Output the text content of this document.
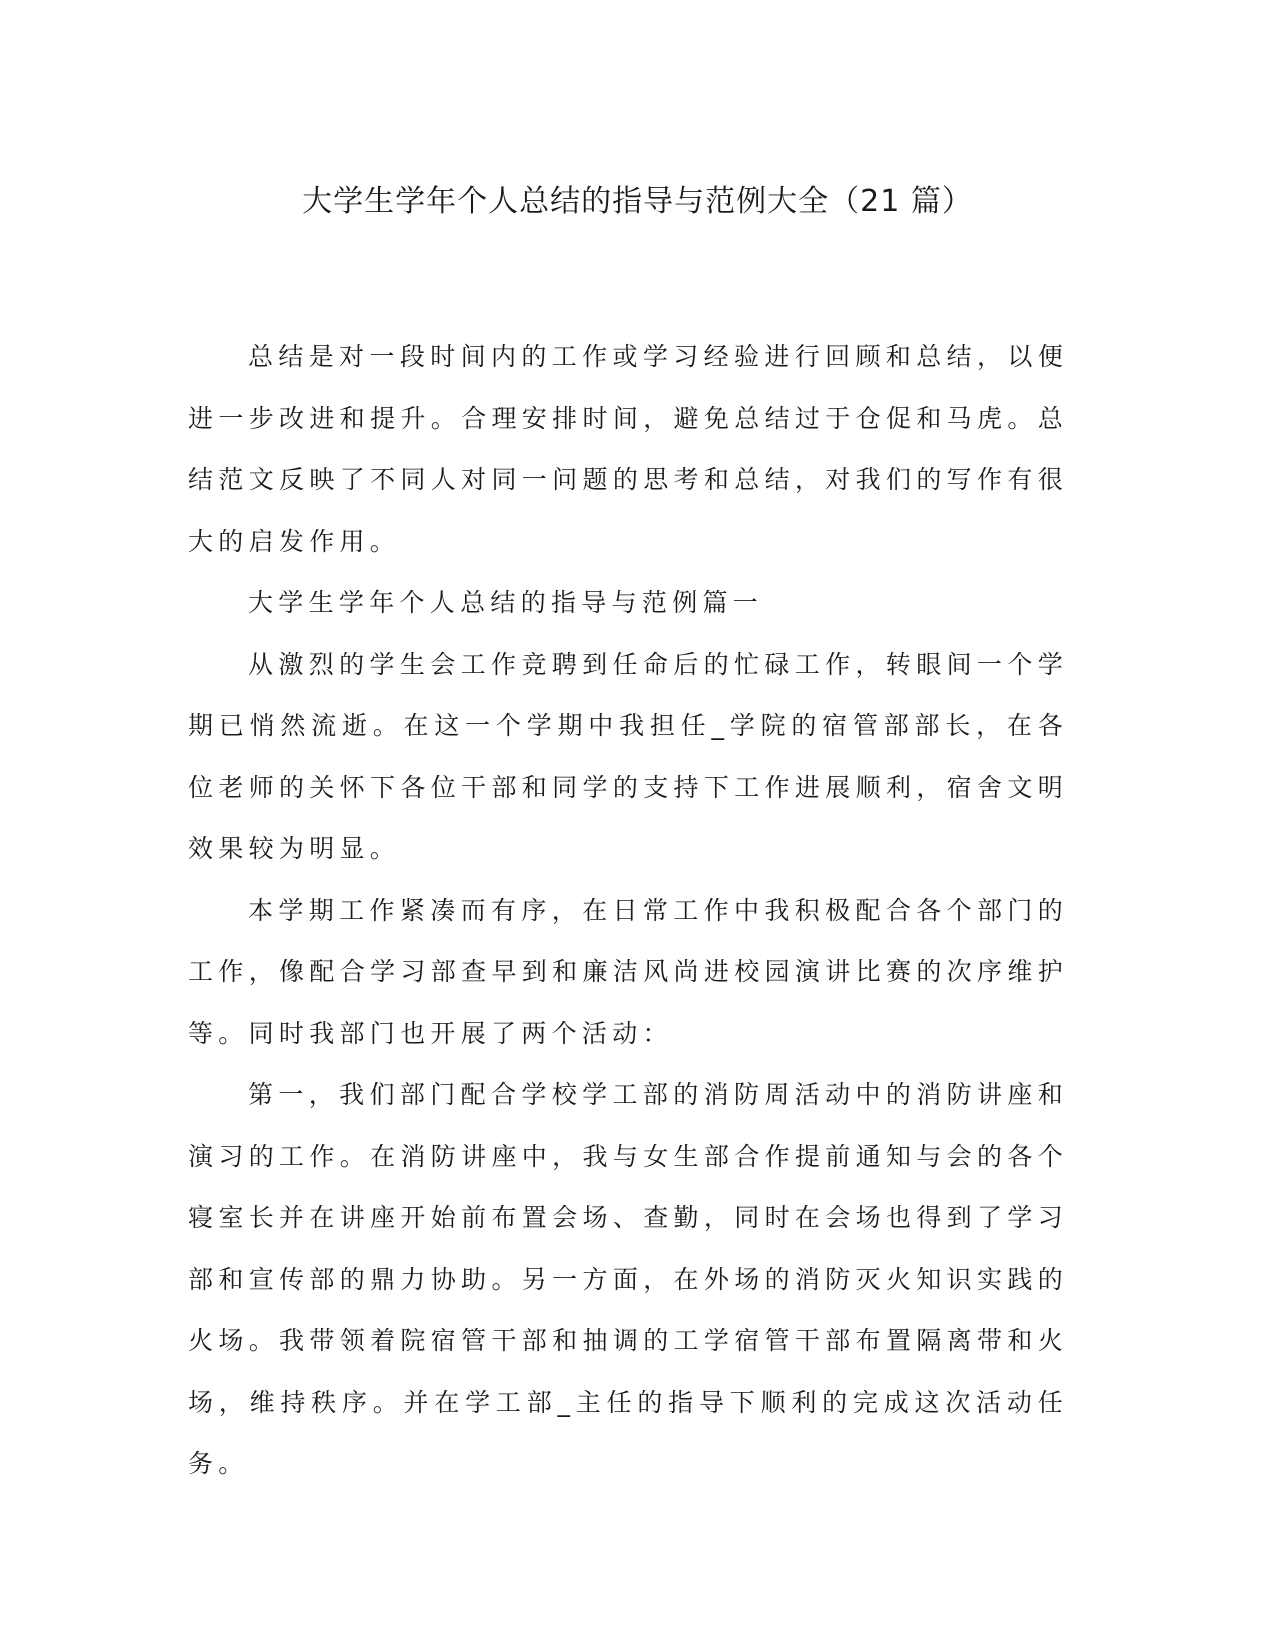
大学生学年个人总结的指导与范例大全（21 篇）

总结是对一段时间内的工作或学习经验进行回顾和总结，以便进一步改进和提升。合理安排时间，避免总结过于仓促和马虎。总结范文反映了不同人对同一问题的思考和总结，对我们的写作有很大的启发作用。

大学生学年个人总结的指导与范例篇一

从激烈的学生会工作竞聘到任命后的忙碌工作，转眼间一个学期已悄然流逝。在这一个学期中我担任_学院的宿管部部长，在各位老师的关怀下各位干部和同学的支持下工作进展顺利，宿舍文明效果较为明显。

本学期工作紧凑而有序，在日常工作中我积极配合各个部门的工作，像配合学习部查早到和廉洁风尚进校园演讲比赛的次序维护等。同时我部门也开展了两个活动：

第一，我们部门配合学校学工部的消防周活动中的消防讲座和演习的工作。在消防讲座中，我与女生部合作提前通知与会的各个寝室长并在讲座开始前布置会场、查勤，同时在会场也得到了学习部和宣传部的鼎力协助。另一方面，在外场的消防灭火知识实践的火场。我带领着院宿管干部和抽调的工学宿管干部布置隔离带和火场，维持秩序。并在学工部_主任的指导下顺利的完成这次活动任务。
